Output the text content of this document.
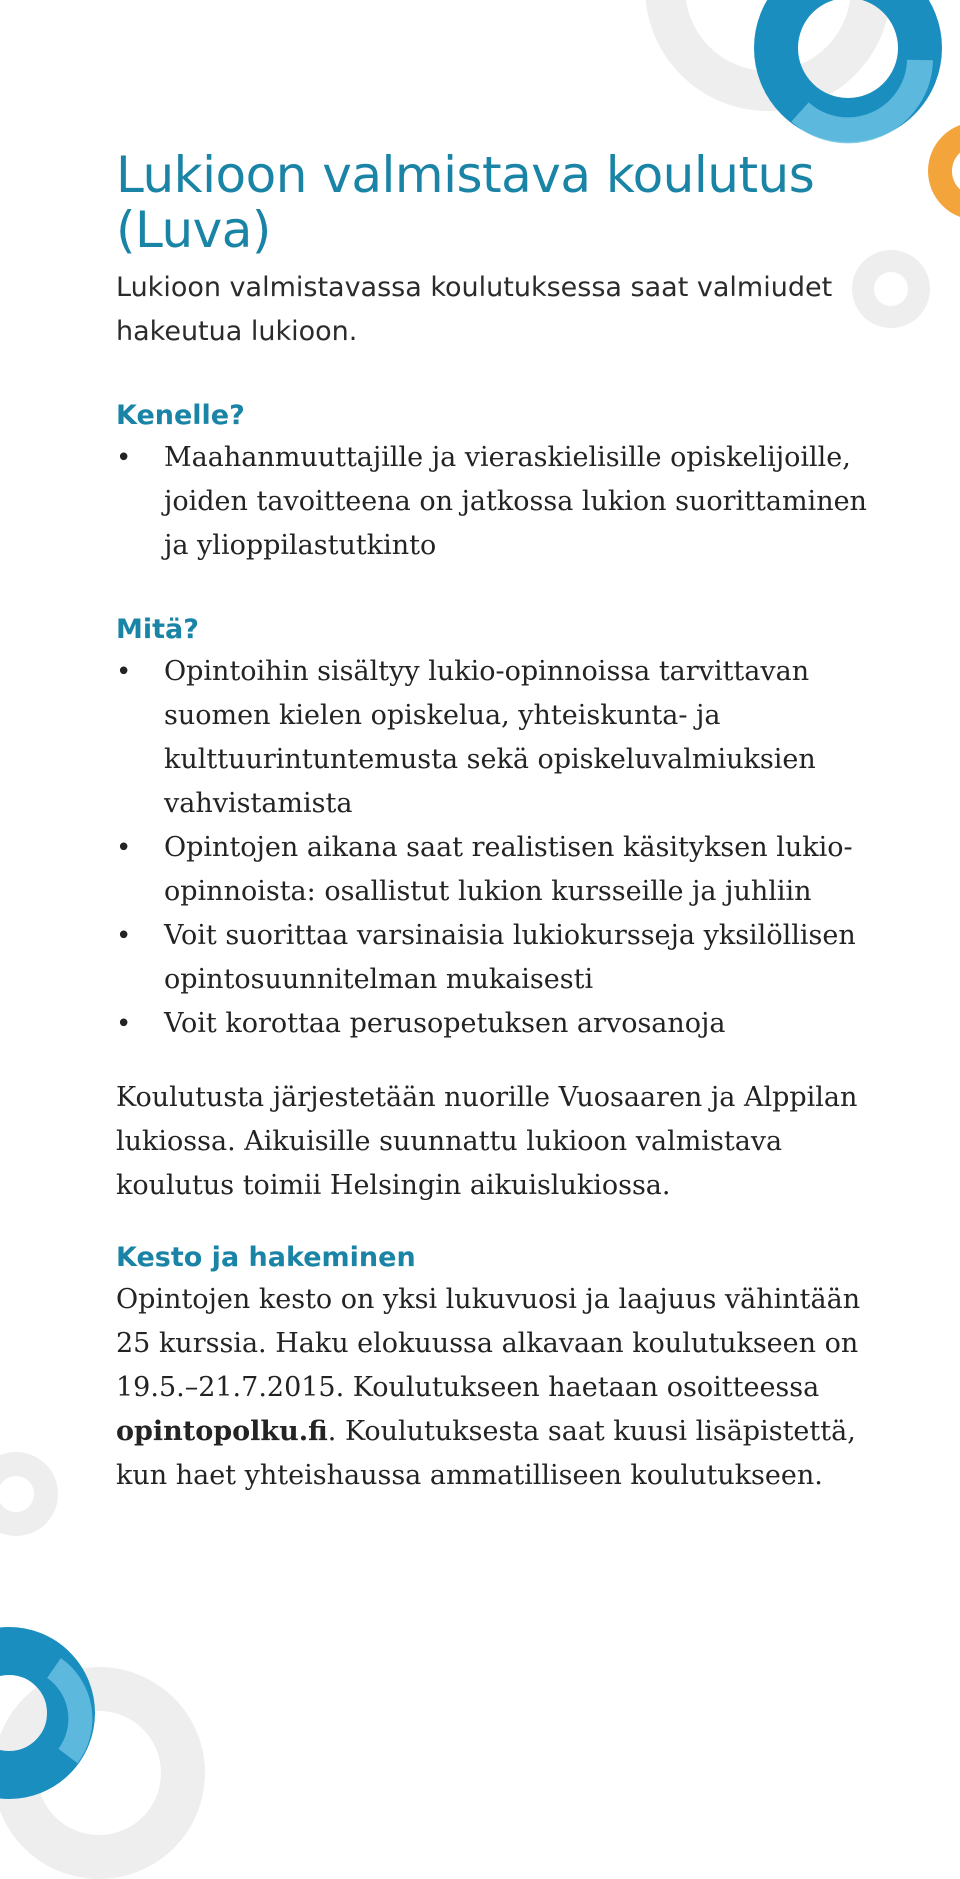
Lukioon valmistava koulutus (Luva)

Lukioon valmistavassa koulutuksessa saat valmiudet hakeutua lukioon.

Kenelle?
• Maahanmuuttajille ja vieraskielisille opiskelijoille, joiden tavoitteena on jatkossa lukion suorittaminen ja ylioppilastutkinto
Mitä?
• Opintoihin sisältyy lukio-opinnoissa tarvittavan suomen kielen opiskelua, yhteiskunta- ja kulttuurintuntemusta sekä opiskeluvalmiuksien vahvistamista
• Opintojen aikana saat realistisen käsityksen lukio-opinnoista: osallistut lukion kursseille ja juhliin
• Voit suorittaa varsinaisia lukiokursseja yksilöllisen opintosuunnitelman mukaisesti
• Voit korottaa perusopetuksen arvosanoja

Koulutusta järjestetään nuorille Vuosaaren ja Alppilan lukiossa. Aikuisille suunnattu lukioon valmistava koulutus toimii Helsingin aikuislukiossa.

Kesto ja hakeminen

Opintojen kesto on yksi lukuvuosi ja laajuus vähintään 25 kurssia. Haku elokuussa alkavaan koulutukseen on 19.5.–21.7.2015. Koulutukseen haetaan osoitteessa opintopolku.fi. Koulutuksesta saat kuusi lisäpistettä, kun haet yhteishaussa ammatilliseen koulutukseen.
